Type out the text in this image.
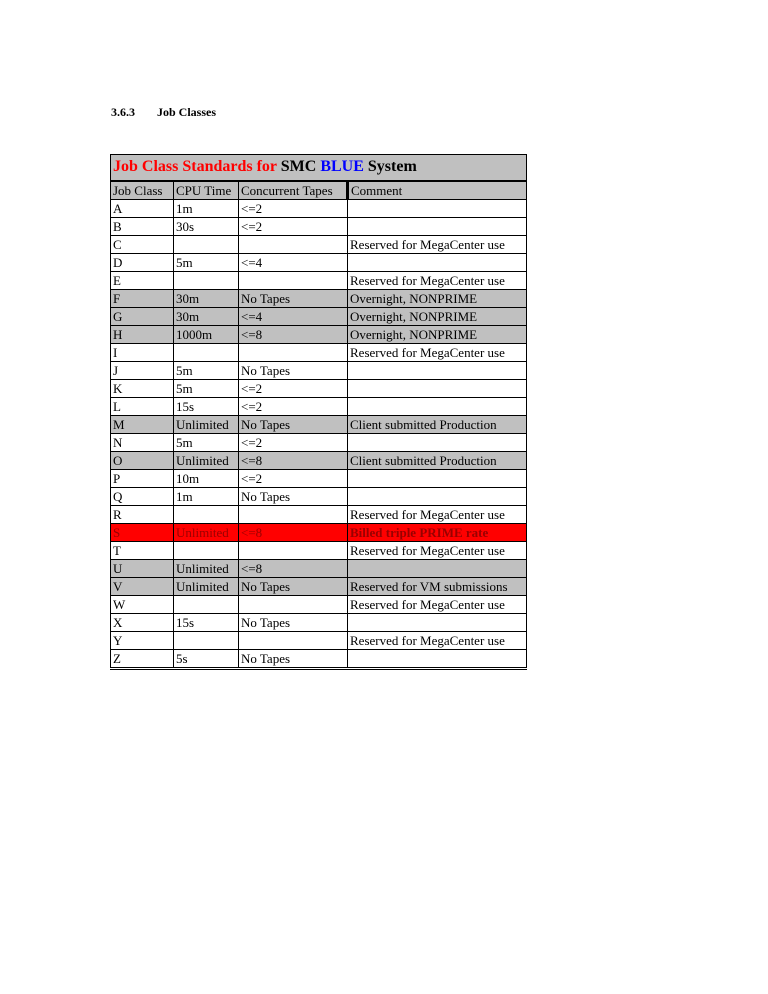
3.6.3 Job Classes
Job Class Standards for SMC BLUE System			
Job Class	CPU Time	Concurrent Tapes	Comment
A	1m	<=2	
B	30s	<=2	
C			Reserved for MegaCenter use
D	5m	<=4	
E			Reserved for MegaCenter use
F	30m	No Tapes	Overnight, NONPRIME
G	30m	<=4	Overnight, NONPRIME
H	1000m	<=8	Overnight, NONPRIME
I			Reserved for MegaCenter use
J	5m	No Tapes	
K	5m	<=2	
L	15s	<=2	
M	Unlimited	No Tapes	Client submitted Production
N	5m	<=2	
O	Unlimited	<=8	Client submitted Production
P	10m	<=2	
Q	1m	No Tapes	
R			Reserved for MegaCenter use
S	Unlimited	<=8	Billed triple PRIME rate
T			Reserved for MegaCenter use
U	Unlimited	<=8	
V	Unlimited	No Tapes	Reserved for VM submissions
W			Reserved for MegaCenter use
X	15s	No Tapes	
Y			Reserved for MegaCenter use
Z	5s	No Tapes	
